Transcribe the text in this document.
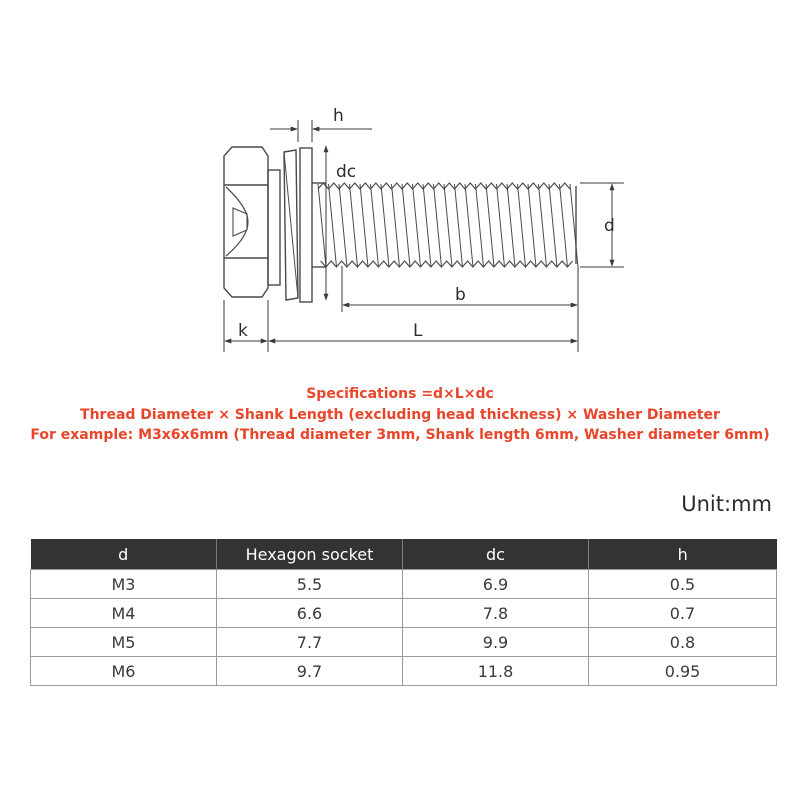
h
dc
d
b
k	L
Specifications =d×L×dc
Thread Diameter × Shank Length (excluding head thickness) × Washer Diameter
For example: M3x6x6mm (Thread diameter 3mm, Shank length 6mm, Washer diameter 6mm)
Unit:mm
d	Hexagon socket	dc	h
M3	5.5	6.9	0.5
M4	6.6	7.8	0.7
M5	7.7	9.9	0.8
M6	9.7	11.8	0.95
